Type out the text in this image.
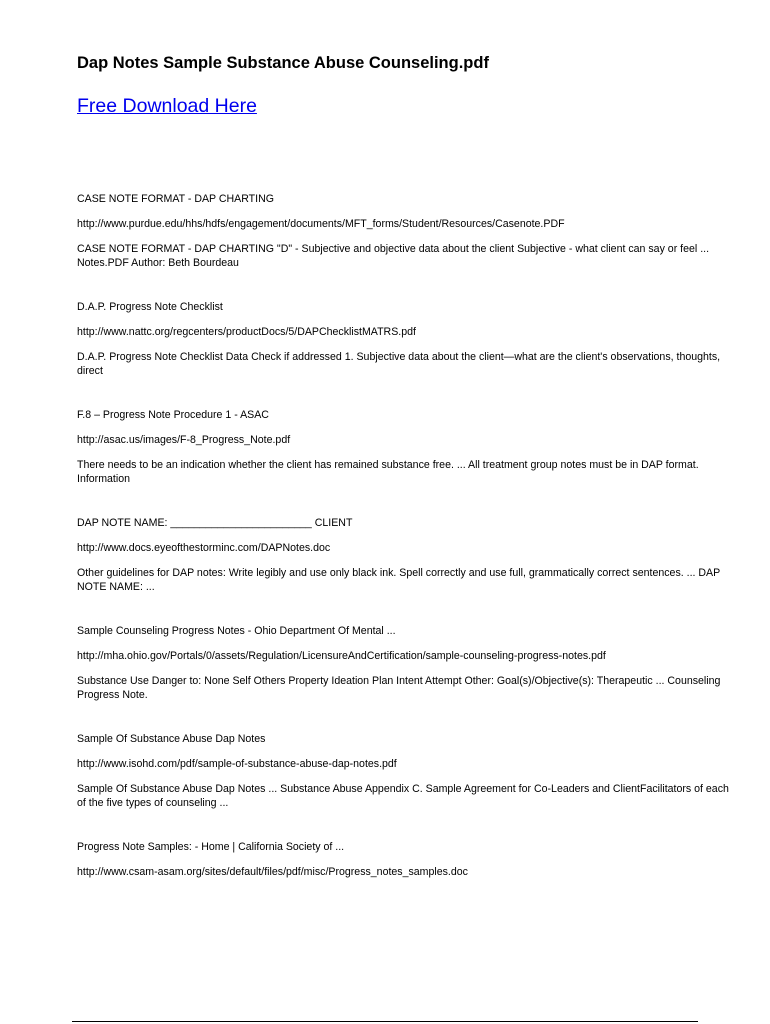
Dap Notes Sample Substance Abuse Counseling.pdf
Free Download Here

CASE NOTE FORMAT - DAP CHARTING

http://www.purdue.edu/hhs/hdfs/engagement/documents/MFT_forms/Student/Resources/Casenote.PDF

CASE NOTE FORMAT - DAP CHARTING "D" - Subjective and objective data about the client Subjective - what client can say or feel ... Notes.PDF Author: Beth Bourdeau

D.A.P. Progress Note Checklist

http://www.nattc.org/regcenters/productDocs/5/DAPChecklistMATRS.pdf

D.A.P. Progress Note Checklist Data Check if addressed 1. Subjective data about the client—what are the client's observations, thoughts, direct

F.8 – Progress Note Procedure 1 - ASAC

http://asac.us/images/F-8_Progress_Note.pdf

There needs to be an indication whether the client has remained substance free. ... All treatment group notes must be in DAP format. Information

DAP NOTE NAME: ________________________ CLIENT

http://www.docs.eyeofthestorminc.com/DAPNotes.doc

Other guidelines for DAP notes: Write legibly and use only black ink. Spell correctly and use full, grammatically correct sentences. ... DAP NOTE NAME: ...

Sample Counseling Progress Notes - Ohio Department Of Mental ...

http://mha.ohio.gov/Portals/0/assets/Regulation/LicensureAndCertification/sample-counseling-progress-notes.pdf

Substance Use Danger to: None Self Others Property Ideation Plan Intent Attempt Other: Goal(s)/Objective(s): Therapeutic ... Counseling Progress Note.

Sample Of Substance Abuse Dap Notes

http://www.isohd.com/pdf/sample-of-substance-abuse-dap-notes.pdf

Sample Of Substance Abuse Dap Notes ... Substance Abuse Appendix C. Sample Agreement for Co-Leaders and ClientFacilitators of each of the five types of counseling ...

Progress Note Samples: - Home | California Society of ...

http://www.csam-asam.org/sites/default/files/pdf/misc/Progress_notes_samples.doc
